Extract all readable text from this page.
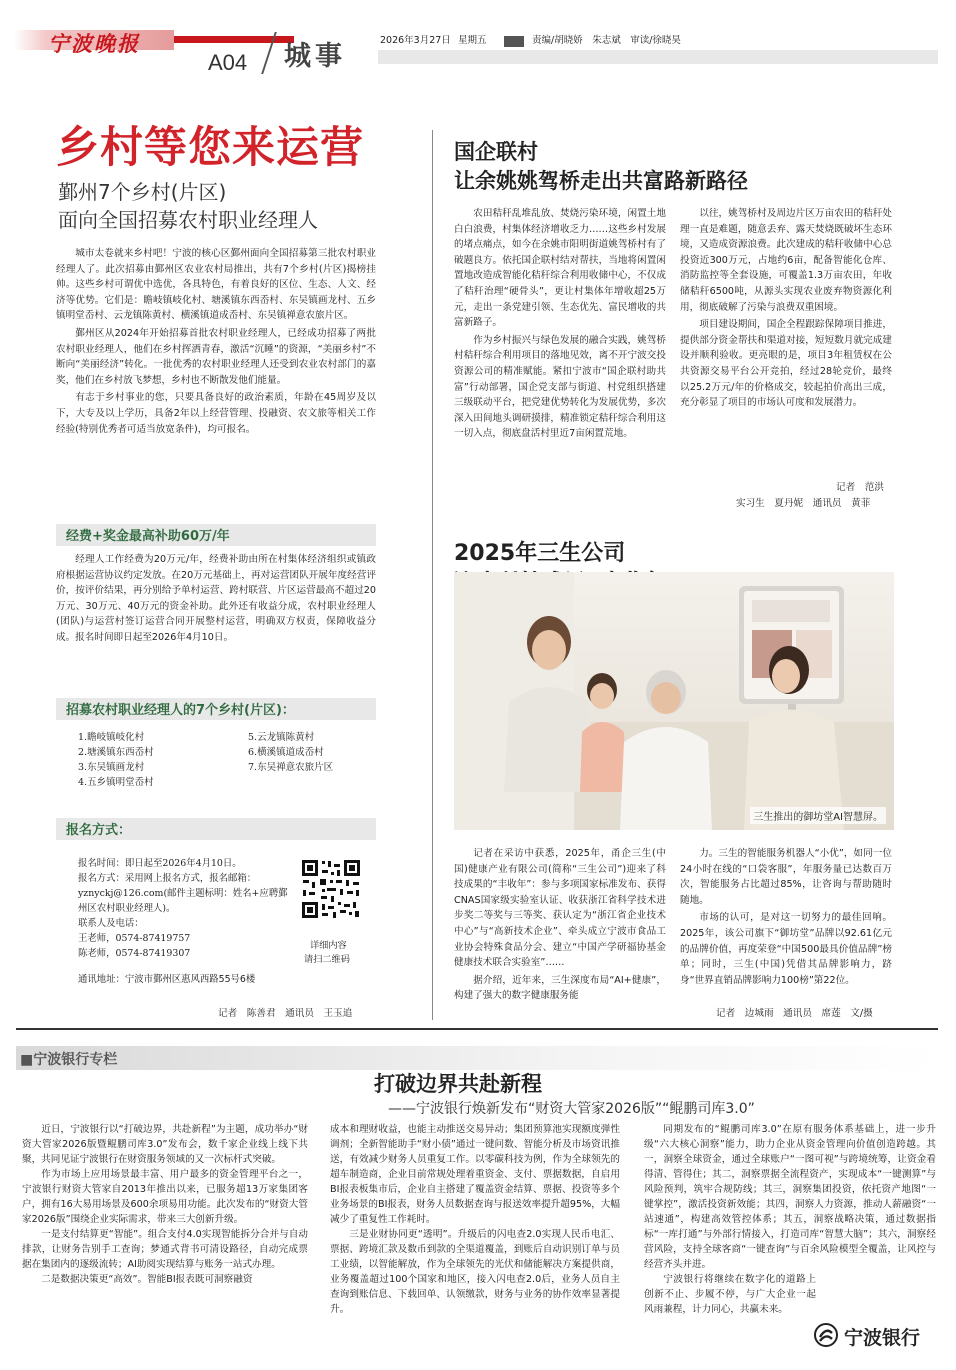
宁波晚报
A04 城事
2026年3月27日 星期五	责编/胡晓娇　朱志斌　审读/徐晓昊
乡村等您来运营
鄞州7个乡村(片区)
面向全国招募农村职业经理人

城市太卷就来乡村吧！宁波的核心区鄞州面向全国招募第三批农村职业经理人了。此次招募由鄞州区农业农村局推出，共有7个乡村(片区)揭榜挂帅。这些乡村可谓优中选优，各具特色，有着良好的区位、生态、人文、经济等优势。它们是：瞻岐镇岐化村、塘溪镇东西岙村、东吴镇画龙村、五乡镇明堂岙村、云龙镇陈黄村、横溪镇道成岙村、东吴镇禅意农旅片区。

鄞州区从2024年开始招募首批农村职业经理人，已经成功招募了两批农村职业经理人，他们在乡村挥洒青春，激活“沉睡”的资源，“美丽乡村”不断向“美丽经济”转化。一批优秀的农村职业经理人还受到农业农村部门的嘉奖，他们在乡村放飞梦想，乡村也不断散发他们能量。

有志于乡村事业的您，只要具备良好的政治素质，年龄在45周岁及以下，大专及以上学历，具备2年以上经营管理、投融资、农文旅等相关工作经验(特别优秀者可适当放宽条件)，均可报名。

经费+奖金最高补助60万/年

经理人工作经费为20万元/年，经费补助由所在村集体经济组织或镇政府根据运营协议约定发放。在20万元基础上，再对运营团队开展年度经营评价，按评价结果，再分别给予单村运营、跨村联营、片区运营最高不超过20万元、30万元、40万元的资金补助。此外还有收益分成，农村职业经理人(团队)与运营村签订运营合同开展整村运营，明确双方权责，保障收益分成。报名时间即日起至2026年4月10日。

招募农村职业经理人的7个乡村(片区)：
1.瞻岐镇岐化村
2.塘溪镇东西岙村
3.东吴镇画龙村
4.五乡镇明堂岙村
5.云龙镇陈黄村
6.横溪镇道成岙村
7.东吴禅意农旅片区
报名方式：
报名时间：即日起至2026年4月10日。
报名方式：采用网上报名方式，报名邮箱：yznyckj@126.com(邮件主题标明：姓名+应聘鄞州区农村职业经理人)。
联系人及电话：
王老师，0574-87419757
陈老师，0574-87419307
通讯地址：宁波市鄞州区惠风西路55号6楼
详细内容
请扫二维码
记者　陈善君　通讯员　王玉追
国企联村
让余姚姚驾桥走出共富路新路径

农田秸秆乱堆乱放、焚烧污染环境，闲置土地白白浪费，村集体经济增收乏力……这些乡村发展的堵点痛点，如今在余姚市阳明街道姚驾桥村有了破题良方。依托国企联村结对帮扶，当地将闲置闲置地改造成智能化秸秆综合利用收储中心，不仅成了秸秆治理“硬骨头”，更让村集体年增收超25万元，走出一条党建引领、生态优先、富民增收的共富新路子。

作为乡村振兴与绿色发展的融合实践，姚驾桥村秸秆综合利用项目的落地见效，离不开宁波交投资源公司的精准赋能。紧扣宁波市“国企联村助共富”行动部署，国企党支部与街道、村党组织搭建三级联动平台，把党建优势转化为发展优势，多次深入田间地头调研摸排，精准锁定秸秆综合利用这一切入点，彻底盘活村里近7亩闲置荒地。

以往，姚驾桥村及周边片区万亩农田的秸秆处理一直是难题，随意丢弃、露天焚烧既破坏生态环境，又造成资源浪费。此次建成的秸秆收储中心总投资近300万元，占地约6亩，配备智能化仓库、消防监控等全套设施，可覆盖1.3万亩农田，年收储秸秆6500吨，从源头实现农业废弃物资源化利用，彻底破解了污染与浪费双重困境。

项目建设期间，国企全程跟踪保障项目推进，提供部分资金帮扶和渠道对接，短短数月就完成建设并顺利验收。更亮眼的是，项目3年租赁权在公共资源交易平台公开竞拍，经过28轮竞价，最终以25.2万元/年的价格成交，较起拍价高出三成，充分彰显了项目的市场认可度和发展潜力。

记者　范洪
实习生　夏丹妮　通讯员　黄菲
2025年三生公司
三生推出的御坊堂AI智慧屏。

记者在采访中获悉，2025年，甬企三生(中国)健康产业有限公司(简称“三生公司”)迎来了科技成果的“丰收年”：参与多项国家标准发布、获得CNAS国家级实验室认证、收获浙江省科学技术进步奖二等奖与三等奖、获认定为“浙江省企业技术中心”与“高新技术企业”、牵头成立宁波市食品工业协会特殊食品分会、建立“中国产学研福协基金健康技术联合实验室”……

据介绍，近年来，三生深度布局“AI+健康”，构建了强大的数字健康服务能

力。三生的智能服务机器人“小优”，如同一位24小时在线的“口袋客服”，年服务量已达数百万次，智能服务占比超过85%，让咨询与帮助随时随地。

市场的认可，是对这一切努力的最佳回响。2025年，该公司旗下“御坊堂”品牌以92.61亿元的品牌价值，再度荣登“中国500最具价值品牌”榜单；同时，三生(中国)凭借其品牌影响力，跻身“世界直销品牌影响力100榜”第22位。

记者　边城雨　通讯员　席莲　文/摄
■宁波银行专栏
打破边界共赴新程
——宁波银行焕新发布“财资大管家2026版”“鲲鹏司库3.0”

近日，宁波银行以“打破边界，共赴新程”为主题，成功举办“财资大管家2026版暨鲲鹏司库3.0”发布会，数千家企业线上线下共聚，共同见证宁波银行在财资服务领域的又一次标杆式突破。

作为市场上应用场景最丰富、用户最多的资金管理平台之一，宁波银行财资大管家自2013年推出以来，已服务超13万家集团客户，拥有16大易用场景及600余项易用功能。此次发布的“财资大管家2026版”围绕企业实际需求，带来三大创新升级。

一是支付结算更“智能”。组合支付4.0实现智能拆分合并与自动排款，让财务告别手工查询；梦通式背书可清设路径，自动完成票据在集团内的逐级流转；AI助阅实现结算与账务一站式办理。

二是数据决策更“高效”。智能BI报表既可洞察融资

成本和理财收益，也能主动推送交易异动；集团预算池实现额度弹性调剂；全新智能助手“财小债”通过一键问数、智能分析及市场资讯推送，有效减少财务人员重复工作。以零碳科技为例，作为全球领先的超车制造商，企业目前常规处理着重资金、支付、票据数据，自启用BI报表板集市后，企业自主搭建了覆盖资金结算、票据、投资等多个业务场景的BI报表，财务人员数据查询与报送效率提升超95%，大幅减少了重复性工作耗时。

三是业财协同更“透明”。升级后的闪电查2.0实现人民币电汇、票据、跨境汇款及数币到款的全渠道覆盖，到账后自动识别订单与员工业绩，以智能解放，作为全球领先的光伏和储能解决方案提供商，业务覆盖超过100个国家和地区，接入闪电查2.0后，业务人员自主查询到账信息、下载回单、认领缴款，财务与业务的协作效率显著提升。

同期发布的“鲲鹏司库3.0”在原有服务体系基础上，进一步升级“六大核心洞察”能力，助力企业从资金管理向价值创造跨越。其一，洞察全球资金，通过全球账户“一图可视”与跨境统筹，让资金看得清、管得住；其二，洞察票据全流程资产，实现成本“一键测算”与风险预判，筑牢合规防线；其三，洞察集团投资，依托资产地图“一键掌控”，激活投资新效能；其四，洞察人力资源，推动人薪融资“一站速通”，构建高效管控体系；其五，洞察战略决策，通过数据指标“一库打通”与外部行情接入，打造司库“智慧大脑”；其六，洞察经营风险，支持全球客商“一键查询”与百余风险模型全覆盖，让风控与经营齐头并进。

宁波银行将继续在数字化的道路上创新不止、步履不停，与广大企业一起风雨兼程，计力同心，共赢未来。

宁波银行
